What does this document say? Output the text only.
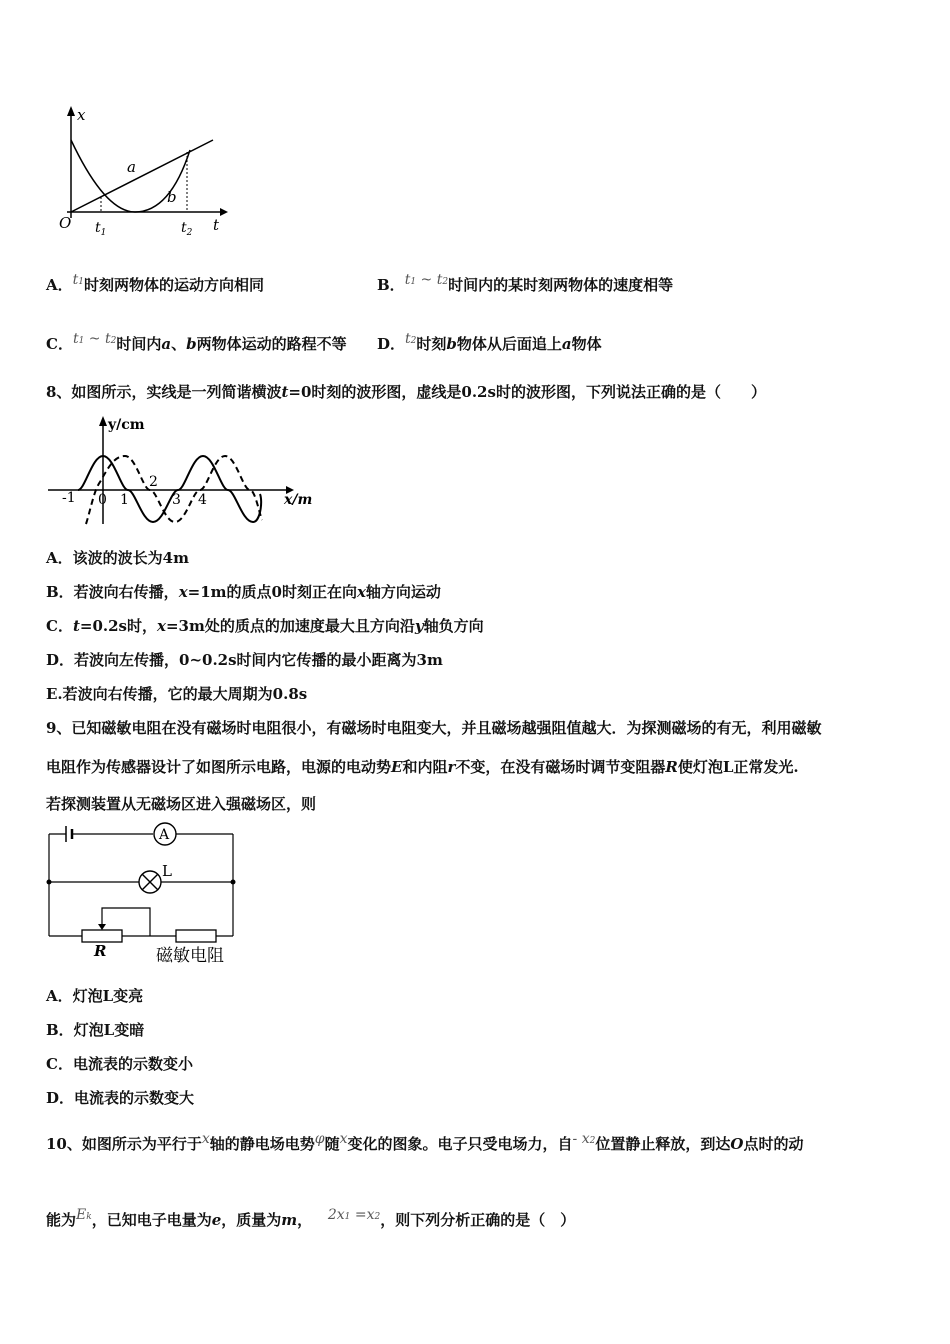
x
t
O
a
b
$t_1$	$t_2$
A．t1时刻两物体的运动方向相同	B．t1 ~ t2时间内的某时刻两物体的速度相等
C．t1 ~ t2时间内a、b两物体运动的路程不等 D．t2时刻b物体从后面追上a物体
8、如图所示，实线是一列简谐横波t=0时刻的波形图，虚线是0.2s时的波形图，下列说法正确的是（　　）
y/cm
x/m
-1 0 1
2
3 4
A．该波的波长为4m
B．若波向右传播，x=1m的质点0时刻正在向x轴方向运动
C．t=0.2s时，x=3m处的质点的加速度最大且方向沿y轴负方向
D．若波向左传播，0~0.2s时间内它传播的最小距离为3m
E.若波向右传播，它的最大周期为0.8s
9、已知磁敏电阻在没有磁场时电阻很小，有磁场时电阻变大，并且磁场越强阻值越大．为探测磁场的有无，利用磁敏
电阻作为传感器设计了如图所示电路，电源的电动势E和内阻r不变，在没有磁场时调节变阻器R使灯泡L正常发光.
若探测装置从无磁场区进入强磁场区，则
A
L
R	磁敏电阻
A．灯泡L变亮
B．灯泡L变暗
C．电流表的示数变小
D．电流表的示数变大
10、如图所示为平行于x轴的静电场电势φ随x变化的图象。电子只受电场力，自- x2位置静止释放，到达O点时的动
能为Ek，已知电子电量为e，质量为m， 2x1 =x2，则下列分析正确的是（　）
